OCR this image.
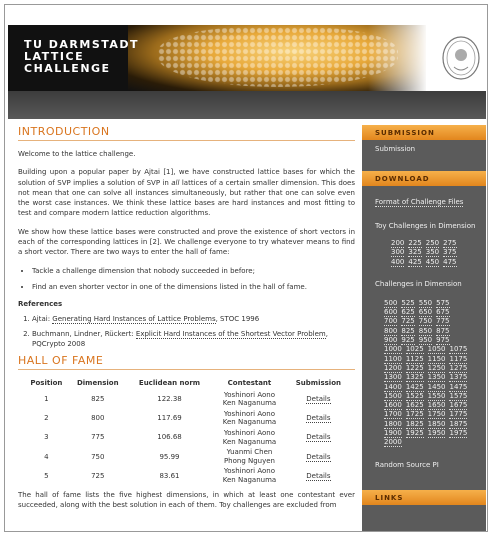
TU DARMSTADT
LATTICE
CHALLENGE
INTRODUCTION

Welcome to the lattice challenge.

Building upon a popular paper by Ajtai [1], we have constructed lattice bases for which the solution of SVP implies a solution of SVP in all lattices of a certain smaller dimension. This does not mean that one can solve all instances simultaneously, but rather that one can solve even the worst case instances. We think these lattice bases are hard instances and most fitting to test and compare modern lattice reduction algorithms.

We show how these lattice bases were constructed and prove the existence of short vectors in each of the corresponding lattices in [2]. We challenge everyone to try whatever means to find a short vector. There are two ways to enter the hall of fame:

• Tackle a challenge dimension that nobody succeeded in before;
• Find an even shorter vector in one of the dimensions listed in the hall of fame.
References
1. Ajtai: Generating Hard Instances of Lattice Problems, STOC 1996
2. Buchmann, Lindner, Rückert: Explicit Hard Instances of the Shortest Vector Problem, PQCrypto 2008
HALL OF FAME
Position	Dimension	Euclidean norm	Contestant	Submission
1	825	122.38	Yoshinori Aono
Ken Naganuma	Details
2	800	117.69	Yoshinori Aono
Ken Naganuma	Details
3	775	106.68	Yoshinori Aono
Ken Naganuma	Details
4	750	95.99	Yuanmi Chen
Phong Nguyen	Details
5	725	83.61	Yoshinori Aono
Ken Naganuma	Details

The hall of fame lists the five highest dimensions, in which at least one contestant ever succeeded, along with the best solution in each of them. Toy challenges are excluded from

SUBMISSION
Submission
DOWNLOAD
Format of Challenge Files
Toy Challenges in Dimension
200 225 250 275
300 325 350 375
400 425 450 475
Challenges in Dimension
500 525 550 575
600 625 650 675
700 725 750 775
800 825 850 875
900 925 950 975
1000 1025 1050 1075
1100 1125 1150 1175
1200 1225 1250 1275
1300 1325 1350 1375
1400 1425 1450 1475
1500 1525 1550 1575
1600 1625 1650 1675
1700 1725 1750 1775
1800 1825 1850 1875
1900 1925 1950 1975
2000
Random Source PI
LINKS
